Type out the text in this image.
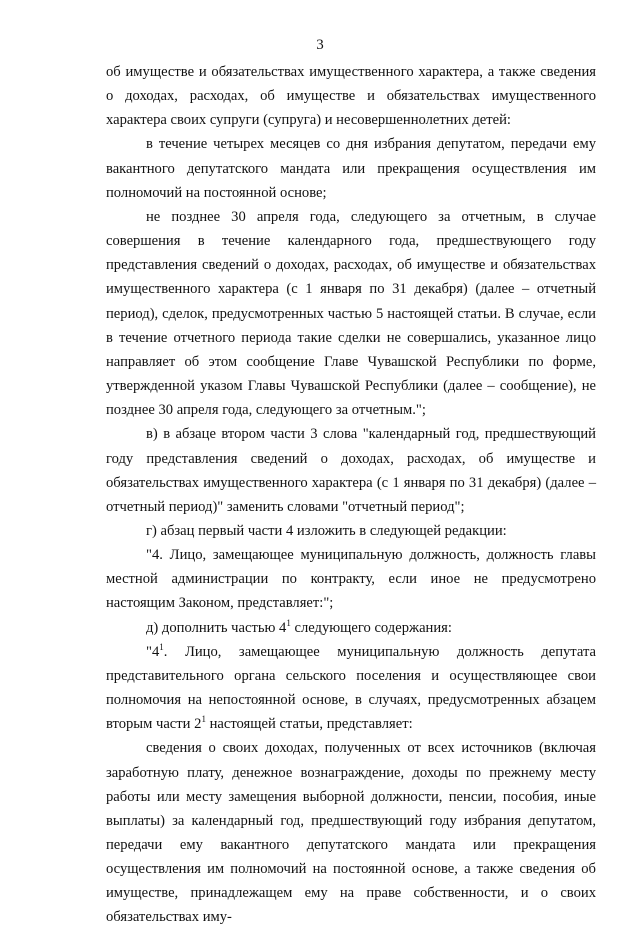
3

об имуществе и обязательствах имущественного характера, а также сведения о доходах, расходах, об имуществе и обязательствах имущественного характера своих супруги (супруга) и несовершеннолетних детей:

в течение четырех месяцев со дня избрания депутатом, передачи ему вакантного депутатского мандата или прекращения осуществления им полномочий на постоянной основе;

не позднее 30 апреля года, следующего за отчетным, в случае совершения в течение календарного года, предшествующего году представления сведений о доходах, расходах, об имуществе и обязательствах имущественного характера (с 1 января по 31 декабря) (далее – отчетный период), сделок, предусмотренных частью 5 настоящей статьи. В случае, если в течение отчетного периода такие сделки не совершались, указанное лицо направляет об этом сообщение Главе Чувашской Республики по форме, утвержденной указом Главы Чувашской Республики (далее – сообщение), не позднее 30 апреля года, следующего за отчетным.";

в) в абзаце втором части 3 слова "календарный год, предшествующий году представления сведений о доходах, расходах, об имуществе и обязательствах имущественного характера (с 1 января по 31 декабря) (далее – отчетный период)" заменить словами "отчетный период";

г) абзац первый части 4 изложить в следующей редакции:

"4. Лицо, замещающее муниципальную должность, должность главы местной администрации по контракту, если иное не предусмотрено настоящим Законом, представляет:";

д) дополнить частью $4^1$ следующего содержания:

"$4^1$. Лицо, замещающее муниципальную должность депутата представительного органа сельского поселения и осуществляющее свои полномочия на непостоянной основе, в случаях, предусмотренных абзацем вторым части $2^1$ настоящей статьи, представляет:

сведения о своих доходах, полученных от всех источников (включая заработную плату, денежное вознаграждение, доходы по прежнему месту работы или месту замещения выборной должности, пенсии, пособия, иные выплаты) за календарный год, предшествующий году избрания депутатом, передачи ему вакантного депутатского мандата или прекращения осуществления им полномочий на постоянной основе, а также сведения об имуществе, принадлежащем ему на праве собственности, и о своих обязательствах иму-
